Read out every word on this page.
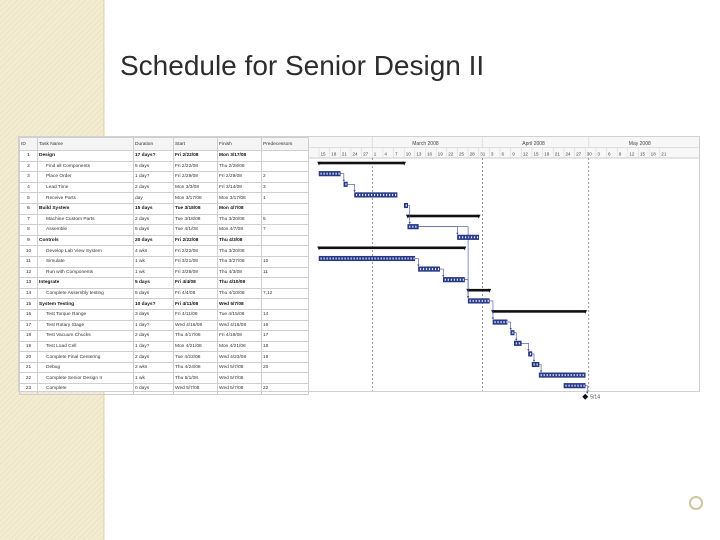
Schedule for Senior Design II
ID	Task Name	Duration	Start	Finish	Predecessors
1	Design	17 days?	Fri 2/22/08	Mon 3/17/08	
2	Find all Components	5 days	Fri 2/22/08	Thu 2/28/08	
3	Place Order	1 day?	Fri 2/29/08	Fri 2/29/08	2
4	Lead Time	2 days	Mon 3/3/08	Fri 3/14/08	3
5	Receive Parts	day	Mon 3/17/08	Mon 3/17/08	1
6	Build System	15 days	Tue 3/18/08	Mon 4/7/08	
7	Machine Custom Parts	2 days	Tue 3/18/08	Thu 3/20/08	5
8	Assemble	5 days	Tue 4/1/08	Mon 4/7/08	7
9	Controls	20 days	Fri 2/22/08	Thu 4/3/08	
10	Develop Lab View System	4 wks	Fri 2/22/08	Thu 3/20/08	
11	Simulate	1 wk	Fri 3/21/08	Thu 3/27/08	10
12	Run with Components	1 wk	Fri 3/28/08	Thu 4/3/08	11
13	Integrate	5 days	Fri 4/4/08	Thu 4/10/08	
14	Complete Assembly testing	5 days	Fri 4/4/08	Thu 4/10/08	7,12
15	System Testing	10 days?	Fri 4/11/08	Wed 5/7/08	
16	Test Torque Range	3 days	Fri 4/11/08	Tue 4/15/08	14
17	Test Rotary Stage	1 day?	Wed 4/16/08	Wed 4/16/08	16
18	Test Vacuum Chucks	2 days	Thu 4/17/08	Fri 4/18/08	17
19	Test Load Cell	1 day?	Mon 4/21/08	Mon 4/21/08	18
20	Complete Final Centering	2 days	Tue 4/22/08	Wed 4/23/08	19
21	Debug	2 wks	Thu 4/24/08	Wed 5/7/08	20
22	Complete Senior Design II	1 wk	Thu 5/1/08	Wed 5/7/08	
23	Complete	0 days	Wed 5/7/08	Wed 5/7/08	22
March 2008	April 2008	May 2008
15 18 21 24 27 1 4 7 10 13 16 19 22 25 28 31 3 6 9 12 15 18 21 24 27 30 3 6 9 12 15 18 21
5/14
